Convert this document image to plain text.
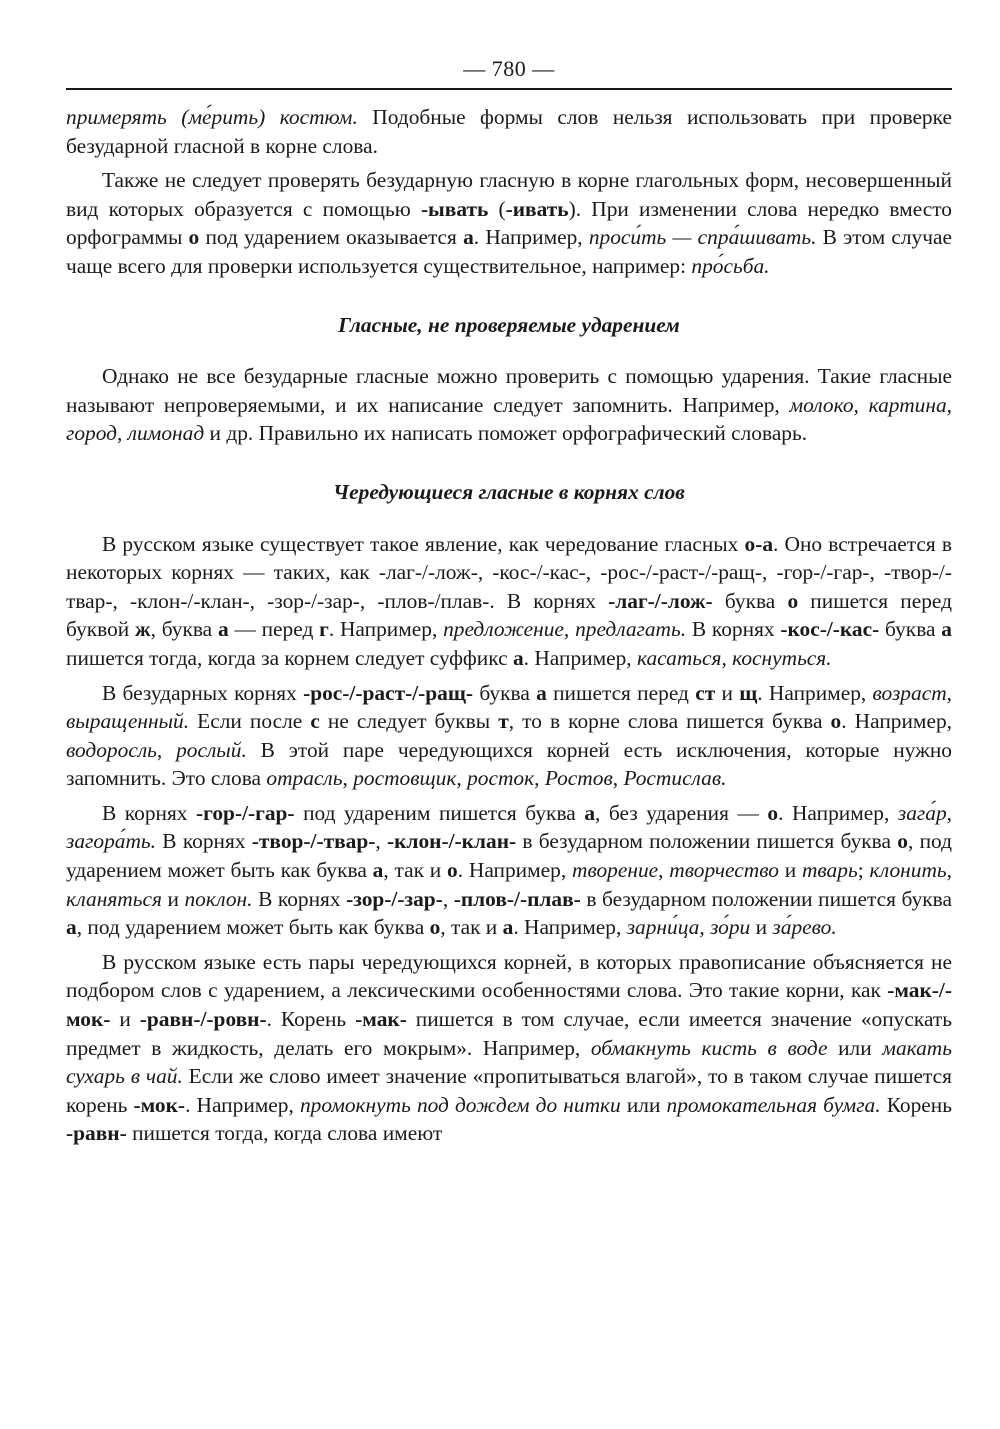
— 780 —

примерять (ме́рить) костюм. Подобные формы слов нельзя использовать при проверке безударной гласной в корне слова.

Также не следует проверять безударную гласную в корне глагольных форм, несовершенный вид которых образуется с помощью -ывать (-ивать). При изменении слова нередко вместо орфограммы о под ударением оказывается а. Например, проси́ть — спра́шивать. В этом случае чаще всего для проверки используется существительное, например: про́сьба.

Гласные, не проверяемые ударением

Однако не все безударные гласные можно проверить с помощью ударения. Такие гласные называют непроверяемыми, и их написание следует запомнить. Например, молоко, картина, город, лимонад и др. Правильно их написать поможет орфографический словарь.

Чередующиеся гласные в корнях слов

В русском языке существует такое явление, как чередование гласных о-а. Оно встречается в некоторых корнях — таких, как -лаг-/-лож-, -кос-/-кас-, -рос-/-раст-/-ращ-, -гор-/-гар-, -твор-/-твар-, -клон-/-клан-, -зор-/-зар-, -плов-/плав-. В корнях -лаг-/-лож- буква о пишется перед буквой ж, буква а — перед г. Например, предложение, предлагать. В корнях -кос-/-кас- буква а пишется тогда, когда за корнем следует суффикс а. Например, касаться, коснуться.

В безударных корнях -рос-/-раст-/-ращ- буква а пишется перед ст и щ. Например, возраст, выращенный. Если после с не следует буквы т, то в корне слова пишется буква о. Например, водоросль, рослый. В этой паре чередующихся корней есть исключения, которые нужно запомнить. Это слова отрасль, ростовщик, росток, Ростов, Ростислав.

В корнях -гор-/-гар- под удареним пишется буква а, без ударения — о. Например, зага́р, загора́ть. В корнях -твор-/-твар-, -клон-/-клан- в безударном положении пишется буква о, под ударением может быть как буква а, так и о. Например, творение, творчество и тварь; клонить, кланяться и поклон. В корнях -зор-/-зар-, -плов-/-плав- в безударном положении пишется буква а, под ударением может быть как буква о, так и а. Например, зарни́ца, зо́ри и за́рево.

В русском языке есть пары чередующихся корней, в которых правописание объясняется не подбором слов с ударением, а лексическими особенностями слова. Это такие корни, как -мак-/-мок- и -равн-/-ровн-. Корень -мак- пишется в том случае, если имеется значение «опускать предмет в жидкость, делать его мокрым». Например, обмакнуть кисть в воде или макать сухарь в чай. Если же слово имеет значение «пропитываться влагой», то в таком случае пишется корень -мок-. Например, промокнуть под дождем до нитки или промокательная бумга. Корень -равн- пишется тогда, когда слова имеют
